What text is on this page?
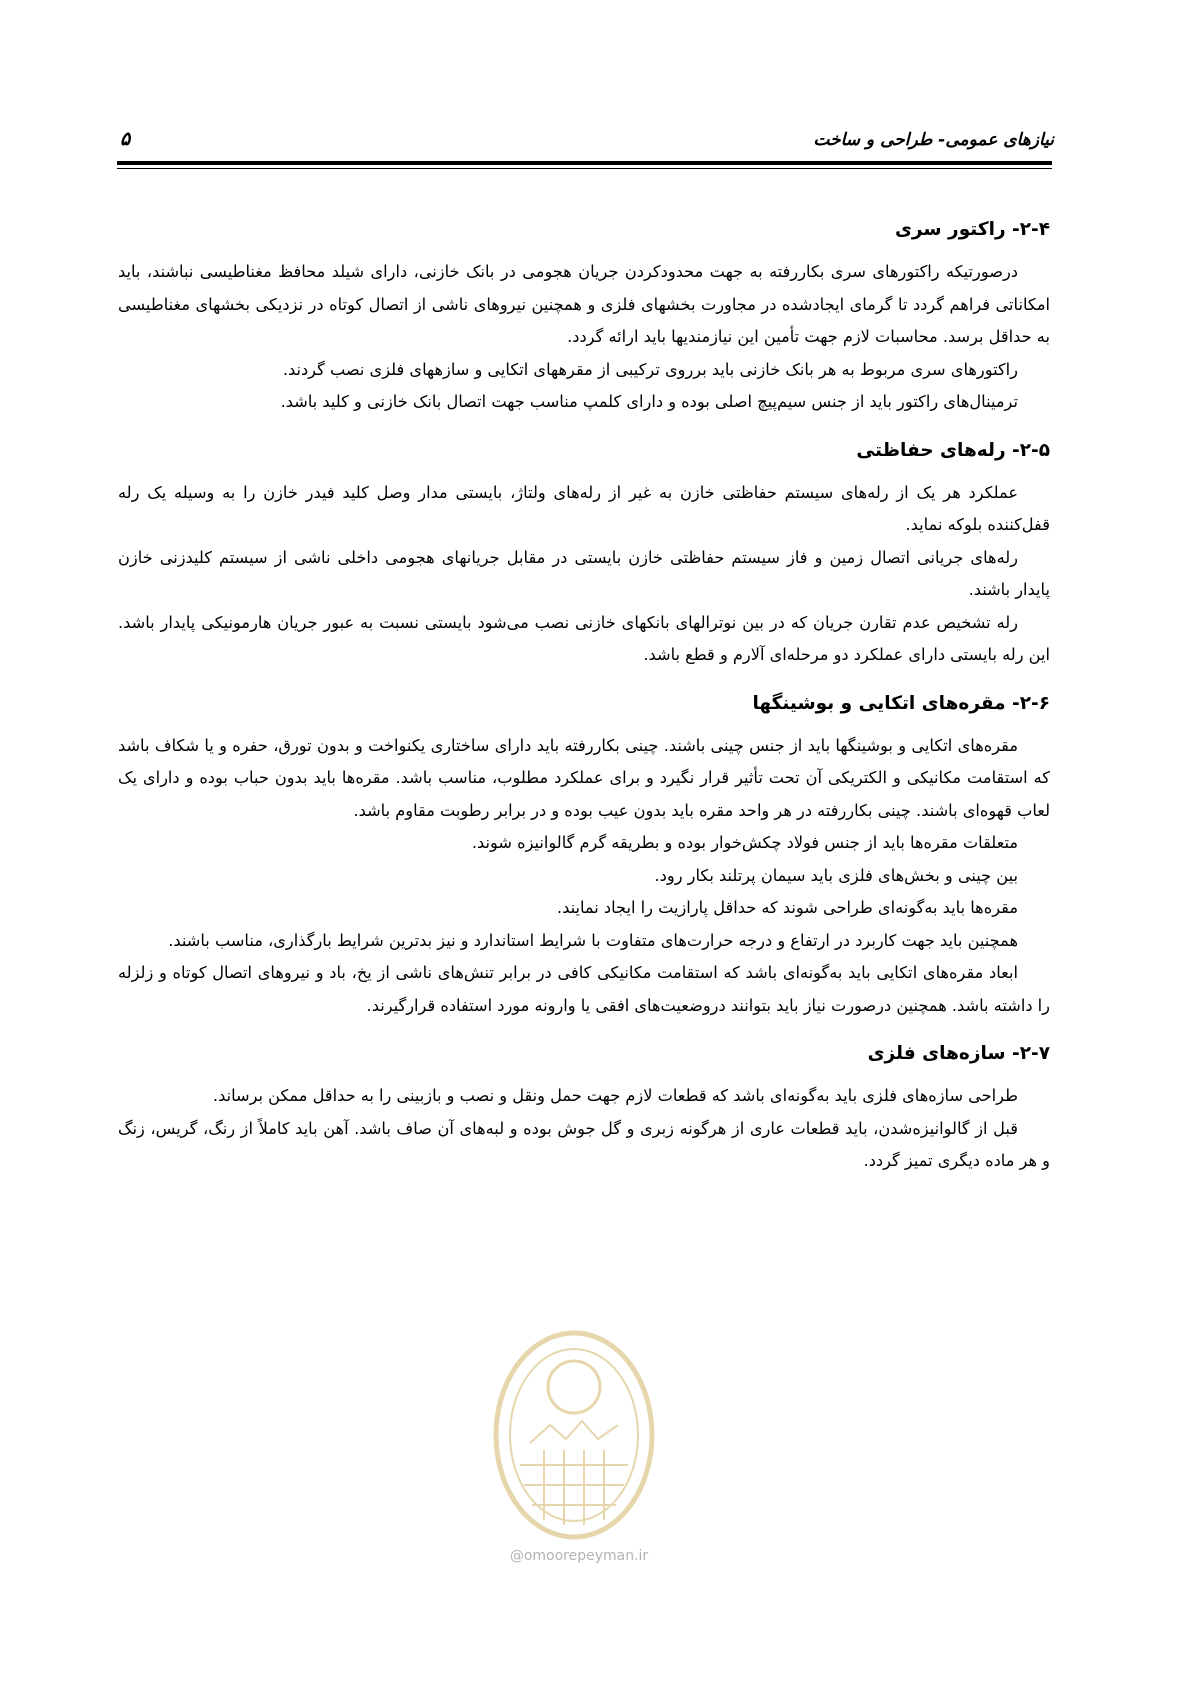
نیازهای عمومی- طراحی و ساخت
۵
۲-۴- راکتور سری

درصورتیکه راکتورهای سری بکاررفته به جهت محدودکردن جریان هجومی در بانک خازنی، دارای شیلد محافظ مغناطیسی نباشند، باید امکاناتی فراهم گردد تا گرمای ایجادشده در مجاورت بخشهای فلزی و همچنین نیروهای ناشی از اتصال کوتاه در نزدیکی بخشهای مغناطیسی به حداقل برسد. محاسبات لازم جهت تأمین این نیازمندیها باید ارائه گردد.

راکتورهای سری مربوط به هر بانک خازنی باید برروی ترکیبی از مقرههای اتکایی و سازههای فلزی نصب گردند.

ترمینال‌های راکتور باید از جنس سیم‌پیچ اصلی بوده و دارای کلمپ مناسب جهت اتصال بانک خازنی و کلید باشد.

۲-۵- رله‌های حفاظتی

عملکرد هر یک از رله‌های سیستم حفاظتی خازن به غیر از رله‌های ولتاژ، بایستی مدار وصل کلید فیدر خازن را به وسیله یک رله قفل‌کننده بلوکه نماید.

رله‌های جریانی اتصال زمین و فاز سیستم حفاظتی خازن بایستی در مقابل جریانهای هجومی داخلی ناشی از سیستم کلیدزنی خازن پایدار باشند.

رله تشخیص عدم تقارن جریان که در بین نوترالهای بانکهای خازنی نصب می‌شود بایستی نسبت به عبور جریان هارمونیکی پایدار باشد. این رله بایستی دارای عملکرد دو مرحله‌ای آلارم و قطع باشد.

۲-۶- مقره‌های اتکایی و بوشینگها

مقره‌های اتکایی و بوشینگها باید از جنس چینی باشند. چینی بکاررفته باید دارای ساختاری یکنواخت و بدون تورق، حفره و یا شکاف باشد که استقامت مکانیکی و الکتریکی آن تحت تأثیر قرار نگیرد و برای عملکرد مطلوب، مناسب باشد. مقره‌ها باید بدون حباب بوده و دارای یک لعاب قهوه‌ای باشند. چینی بکاررفته در هر واحد مقره باید بدون عیب بوده و در برابر رطوبت مقاوم باشد.

متعلقات مقره‌ها باید از جنس فولاد چکش‌خوار بوده و بطریقه گرم گالوانیزه شوند.

بین چینی و بخش‌های فلزی باید سیمان پرتلند بکار رود.

مقره‌ها باید به‌گونه‌ای طراحی شوند که حداقل پارازیت را ایجاد نمایند.

همچنین باید جهت کاربرد در ارتفاع و درجه حرارت‌های متفاوت با شرایط استاندارد و نیز بدترین شرایط بارگذاری، مناسب باشند.

ابعاد مقره‌های اتکایی باید به‌گونه‌ای باشد که استقامت مکانیکی کافی در برابر تنش‌های ناشی از یخ، باد و نیروهای اتصال کوتاه و زلزله را داشته باشد. همچنین درصورت نیاز باید بتوانند دروضعیت‌های افقی یا وارونه مورد استفاده قرارگیرند.

۲-۷- سازه‌های فلزی

طراحی سازه‌های فلزی باید به‌گونه‌ای باشد که قطعات لازم جهت حمل ونقل و نصب و بازبینی را به حداقل ممکن برساند.

قبل از گالوانیزه‌شدن، باید قطعات عاری از هرگونه زبری و گل جوش بوده و لبه‌های آن صاف باشد. آهن باید کاملاً از رنگ، گریس، زنگ و هر ماده دیگری تمیز گردد.

@omoorepeyman.ir
